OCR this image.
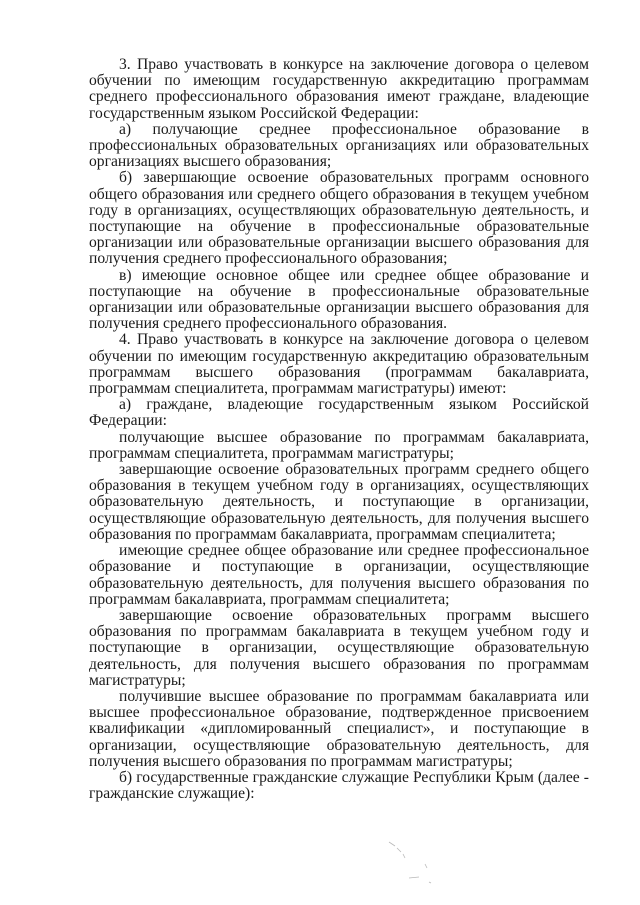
3. Право участвовать в конкурсе на заключение договора о целевом обучении по имеющим государственную аккредитацию программам среднего профессионального образования имеют граждане, владеющие государственным языком Российской Федерации:

а) получающие среднее профессиональное образование в профессиональных образовательных организациях или образовательных организациях высшего образования;

б) завершающие освоение образовательных программ основного общего образования или среднего общего образования в текущем учебном году в организациях, осуществляющих образовательную деятельность, и поступающие на обучение в профессиональные образовательные организации или образовательные организации высшего образования для получения среднего профессионального образования;

в) имеющие основное общее или среднее общее образование и поступающие на обучение в профессиональные образовательные организации или образовательные организации высшего образования для получения среднего профессионального образования.

4. Право участвовать в конкурсе на заключение договора о целевом обучении по имеющим государственную аккредитацию образовательным программам высшего образования (программам бакалавриата, программам специалитета, программам магистратуры) имеют:

а) граждане, владеющие государственным языком Российской Федерации:

получающие высшее образование по программам бакалавриата, программам специалитета, программам магистратуры;

завершающие освоение образовательных программ среднего общего образования в текущем учебном году в организациях, осуществляющих образовательную деятельность, и поступающие в организации, осуществляющие образовательную деятельность, для получения высшего образования по программам бакалавриата, программам специалитета;

имеющие среднее общее образование или среднее профессиональное образование и поступающие в организации, осуществляющие образовательную деятельность, для получения высшего образования по программам бакалавриата, программам специалитета;

завершающие освоение образовательных программ высшего образования по программам бакалавриата в текущем учебном году и поступающие в организации, осуществляющие образовательную деятельность, для получения высшего образования по программам магистратуры;

получившие высшее образование по программам бакалавриата или высшее профессиональное образование, подтвержденное присвоением квалификации «дипломированный специалист», и поступающие в организации, осуществляющие образовательную деятельность, для получения высшего образования по программам магистратуры;

б) государственные гражданские служащие Республики Крым (далее - гражданские служащие):
